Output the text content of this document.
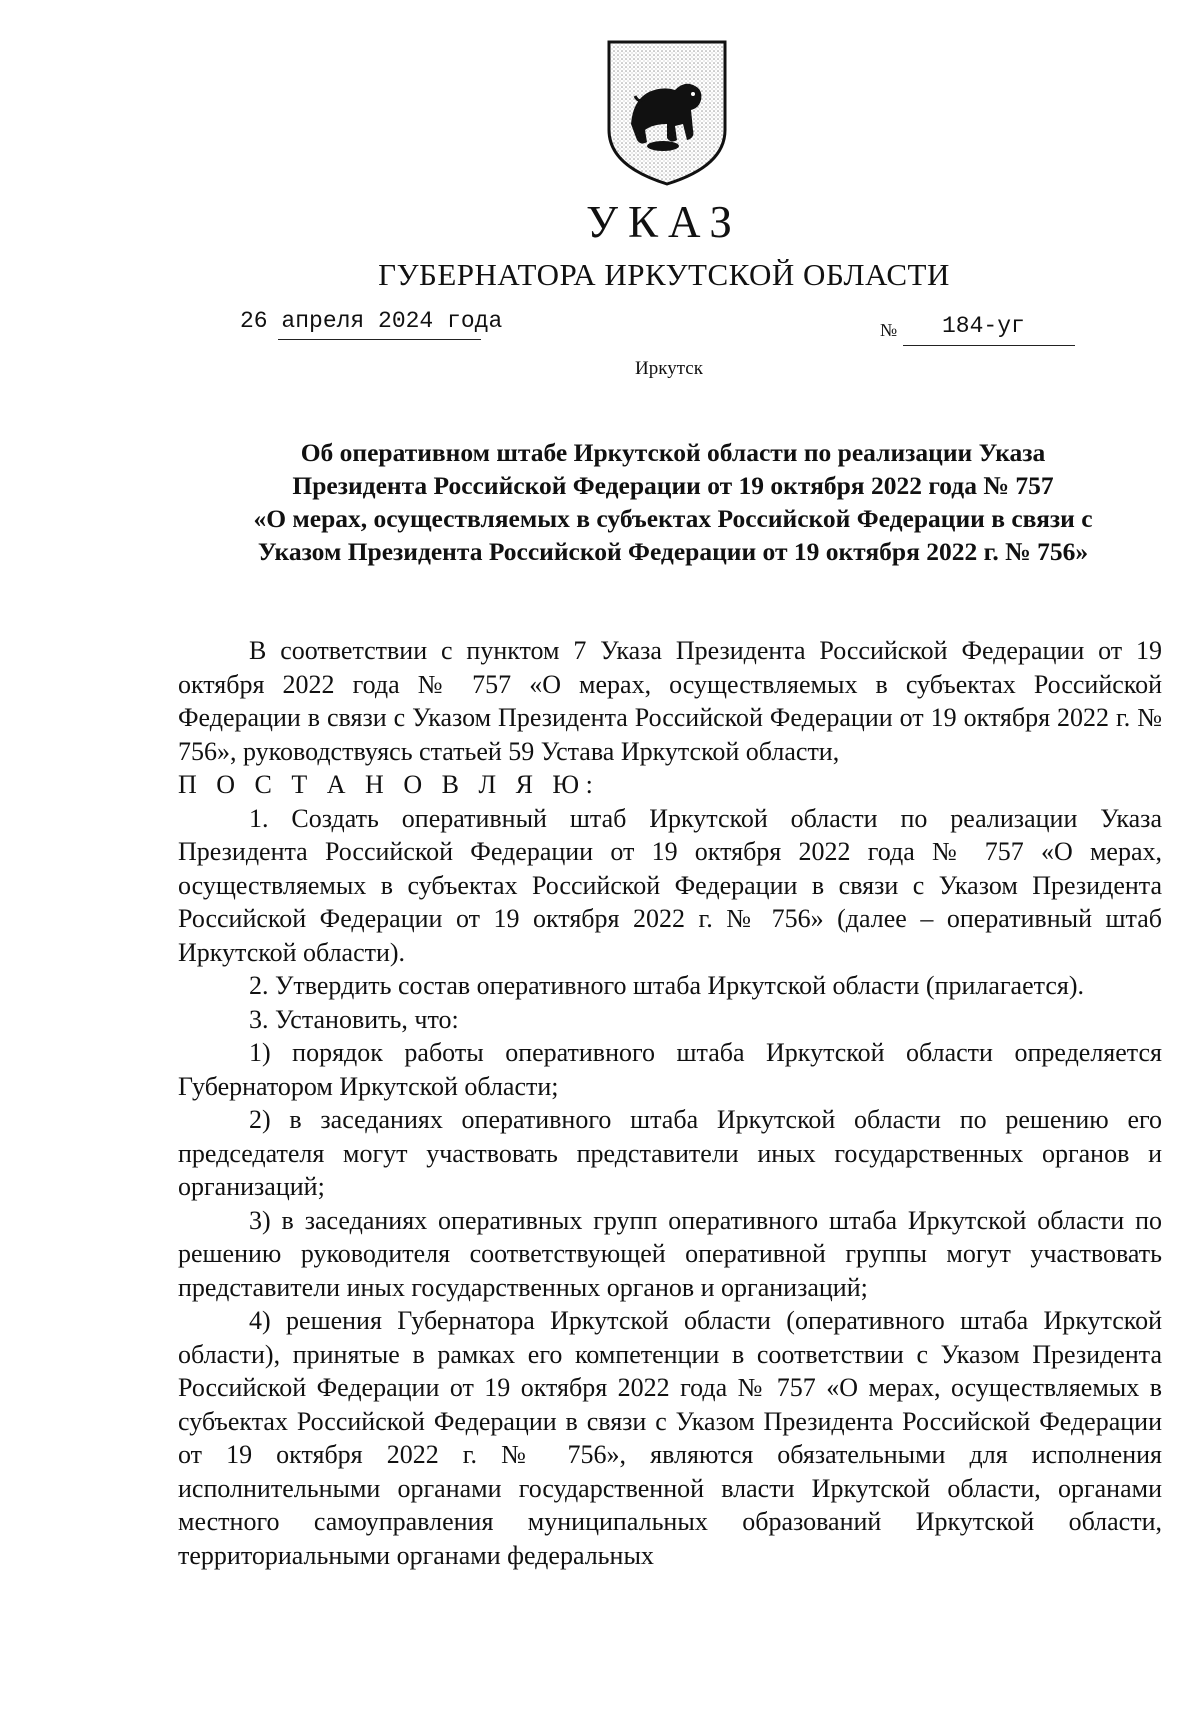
УКАЗ
ГУБЕРНАТОРА ИРКУТСКОЙ ОБЛАСТИ
26 апреля 2024 года	№ 184-уг
Иркутск
Об оперативном штабе Иркутской области по реализации Указа
Президента Российской Федерации от 19 октября 2022 года № 757
«О мерах, осуществляемых в субъектах Российской Федерации в связи с
Указом Президента Российской Федерации от 19 октября 2022 г. № 756»

В соответствии с пунктом 7 Указа Президента Российской Федерации от 19 октября 2022 года № 757 «О мерах, осуществляемых в субъектах Российской Федерации в связи с Указом Президента Российской Федерации от 19 октября 2022 г. № 756», руководствуясь статьей 59 Устава Иркутской области,

П О С Т А Н О В Л Я Ю:

1. Создать оперативный штаб Иркутской области по реализации Указа Президента Российской Федерации от 19 октября 2022 года № 757 «О мерах, осуществляемых в субъектах Российской Федерации в связи с Указом Президента Российской Федерации от 19 октября 2022 г. № 756» (далее – оперативный штаб Иркутской области).

2. Утвердить состав оперативного штаба Иркутской области (прилагается).

3. Установить, что:

1) порядок работы оперативного штаба Иркутской области определяется Губернатором Иркутской области;

2) в заседаниях оперативного штаба Иркутской области по решению его председателя могут участвовать представители иных государственных органов и организаций;

3) в заседаниях оперативных групп оперативного штаба Иркутской области по решению руководителя соответствующей оперативной группы могут участвовать представители иных государственных органов и организаций;

4) решения Губернатора Иркутской области (оперативного штаба Иркутской области), принятые в рамках его компетенции в соответствии с Указом Президента Российской Федерации от 19 октября 2022 года № 757 «О мерах, осуществляемых в субъектах Российской Федерации в связи с Указом Президента Российской Федерации от 19 октября 2022 г. № 756», являются обязательными для исполнения исполнительными органами государственной власти Иркутской области, органами местного самоуправления муниципальных образований Иркутской области, территориальными органами федеральных
